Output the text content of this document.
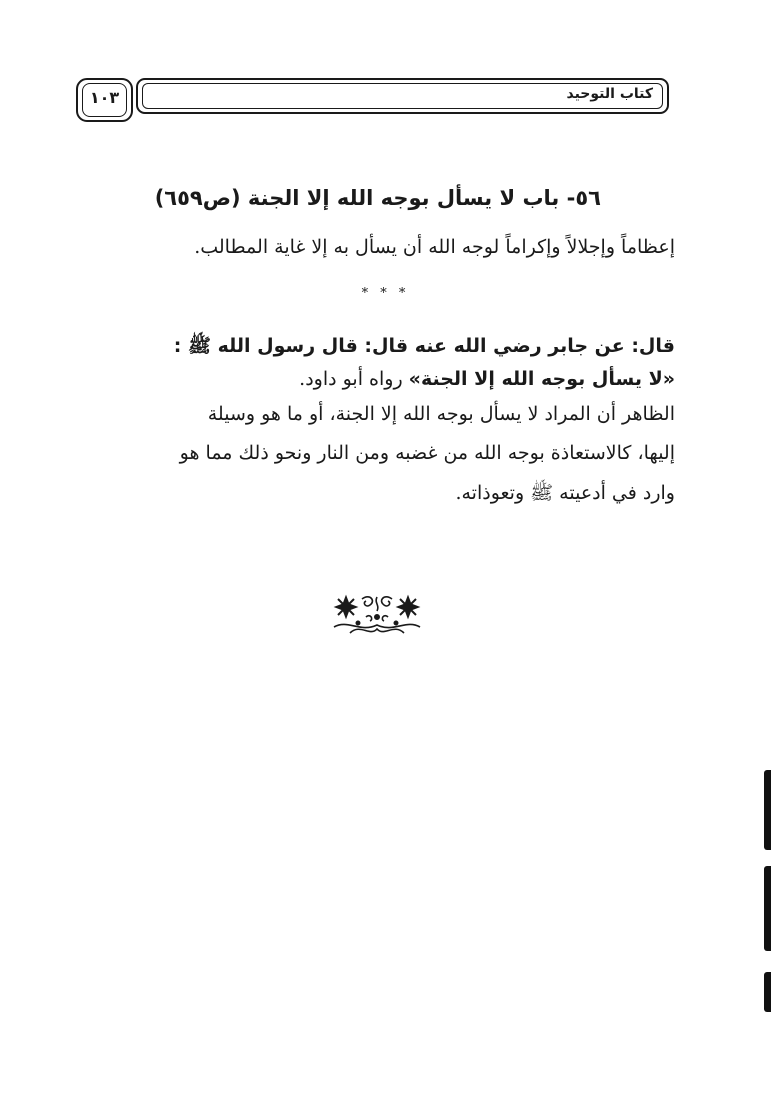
كتاب التوحيد
١٠٣
٥٦- باب لا يسأل بوجه الله إلا الجنة (ص٦٥٩)
إعظاماً وإجلالاً وإكراماً لوجه الله أن يسأل به إلا غاية المطالب.
* * *
قال: عن جابر رضي الله عنه قال: قال رسول الله ﷺ :
«لا يسأل بوجه الله إلا الجنة» رواه أبو داود.
الظاهر أن المراد لا يسأل بوجه الله إلا الجنة، أو ما هو وسيلة
إليها، كالاستعاذة بوجه الله من غضبه ومن النار ونحو ذلك مما هو
وارد في أدعيته ﷺ وتعوذاته.
